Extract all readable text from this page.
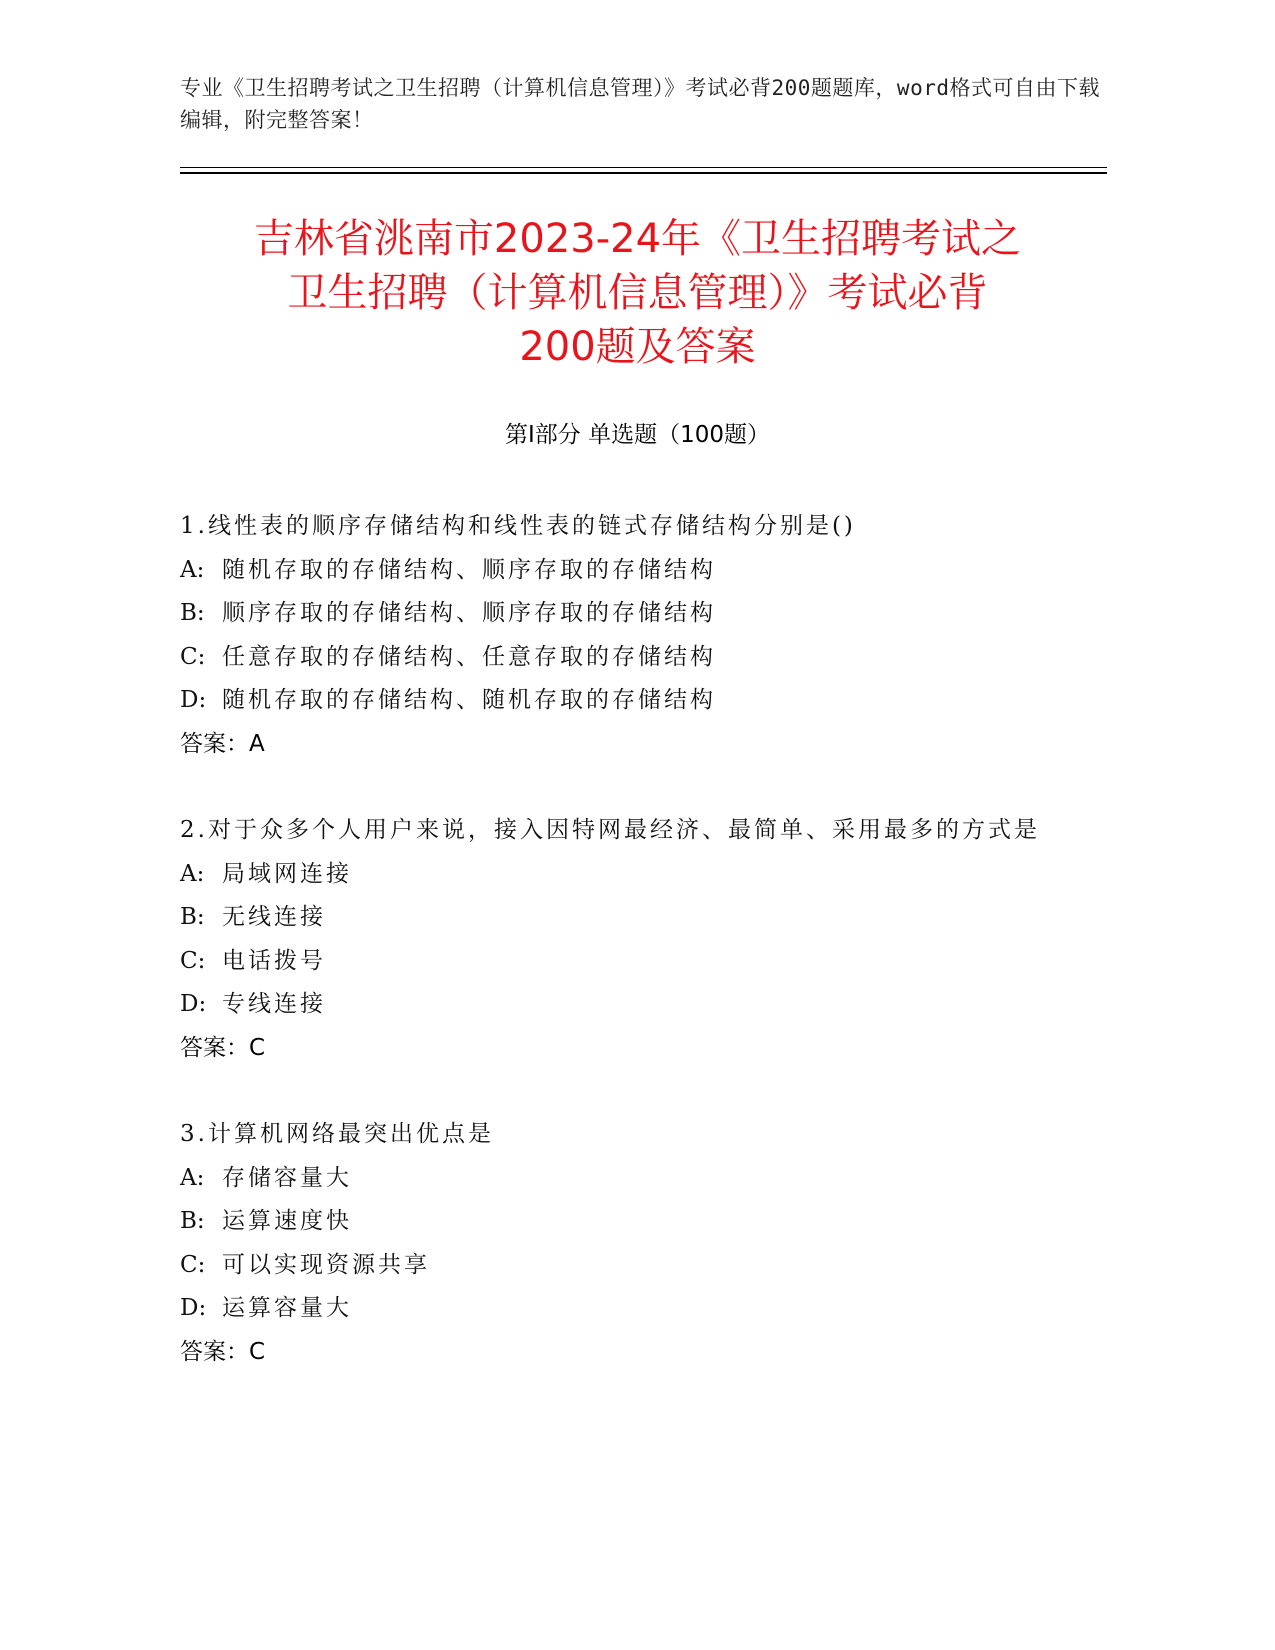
专业《卫生招聘考试之卫生招聘（计算机信息管理）》考试必背200题题库，word格式可自由下载编辑，附完整答案！
吉林省洮南市2023-24年《卫生招聘考试之
卫生招聘（计算机信息管理）》考试必背
200题及答案
第Ⅰ部分 单选题（100题）
1.线性表的顺序存储结构和线性表的链式存储结构分别是()
A: 随机存取的存储结构、顺序存取的存储结构
B: 顺序存取的存储结构、顺序存取的存储结构
C: 任意存取的存储结构、任意存取的存储结构
D: 随机存取的存储结构、随机存取的存储结构
答案：A
2.对于众多个人用户来说，接入因特网最经济、最简单、采用最多的方式是
A: 局域网连接
B: 无线连接
C: 电话拨号
D: 专线连接
答案：C
3.计算机网络最突出优点是
A: 存储容量大
B: 运算速度快
C: 可以实现资源共享
D: 运算容量大
答案：C
